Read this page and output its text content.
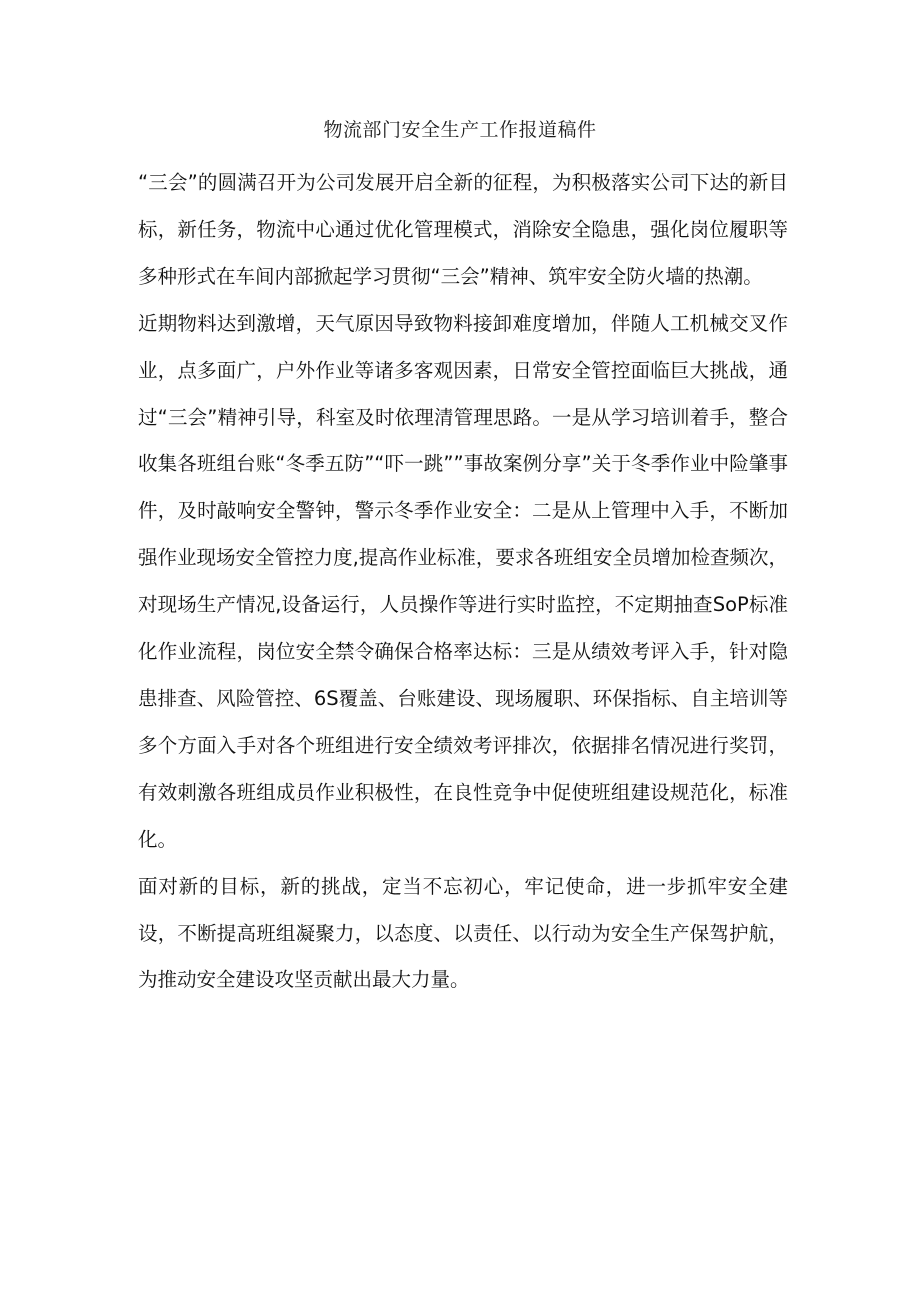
物流部门安全生产工作报道稿件

“三会”的圆满召开为公司发展开启全新的征程，为积极落实公司下达的新目标，新任务，物流中心通过优化管理模式，消除安全隐患，强化岗位履职等多种形式在车间内部掀起学习贯彻“三会”精神、筑牢安全防火墙的热潮。

近期物料达到激增，天气原因导致物料接卸难度增加，伴随人工机械交叉作业，点多面广，户外作业等诸多客观因素，日常安全管控面临巨大挑战，通过“三会”精神引导，科室及时依理清管理思路。一是从学习培训着手，整合收集各班组台账“冬季五防”“吓一跳””事故案例分享”关于冬季作业中险肇事件，及时敲响安全警钟，警示冬季作业安全：二是从上管理中入手，不断加强作业现场安全管控力度,提高作业标准，要求各班组安全员增加检查频次，对现场生产情况,设备运行，人员操作等进行实时监控，不定期抽查SoP标准化作业流程，岗位安全禁令确保合格率达标：三是从绩效考评入手，针对隐患排查、风险管控、6S覆盖、台账建设、现场履职、环保指标、自主培训等多个方面入手对各个班组进行安全绩效考评排次，依据排名情况进行奖罚，有效刺激各班组成员作业积极性，在良性竞争中促使班组建设规范化，标准化。

面对新的目标，新的挑战，定当不忘初心，牢记使命，进一步抓牢安全建设，不断提高班组凝聚力，以态度、以责任、以行动为安全生产保驾护航，为推动安全建设攻坚贡献出最大力量。
